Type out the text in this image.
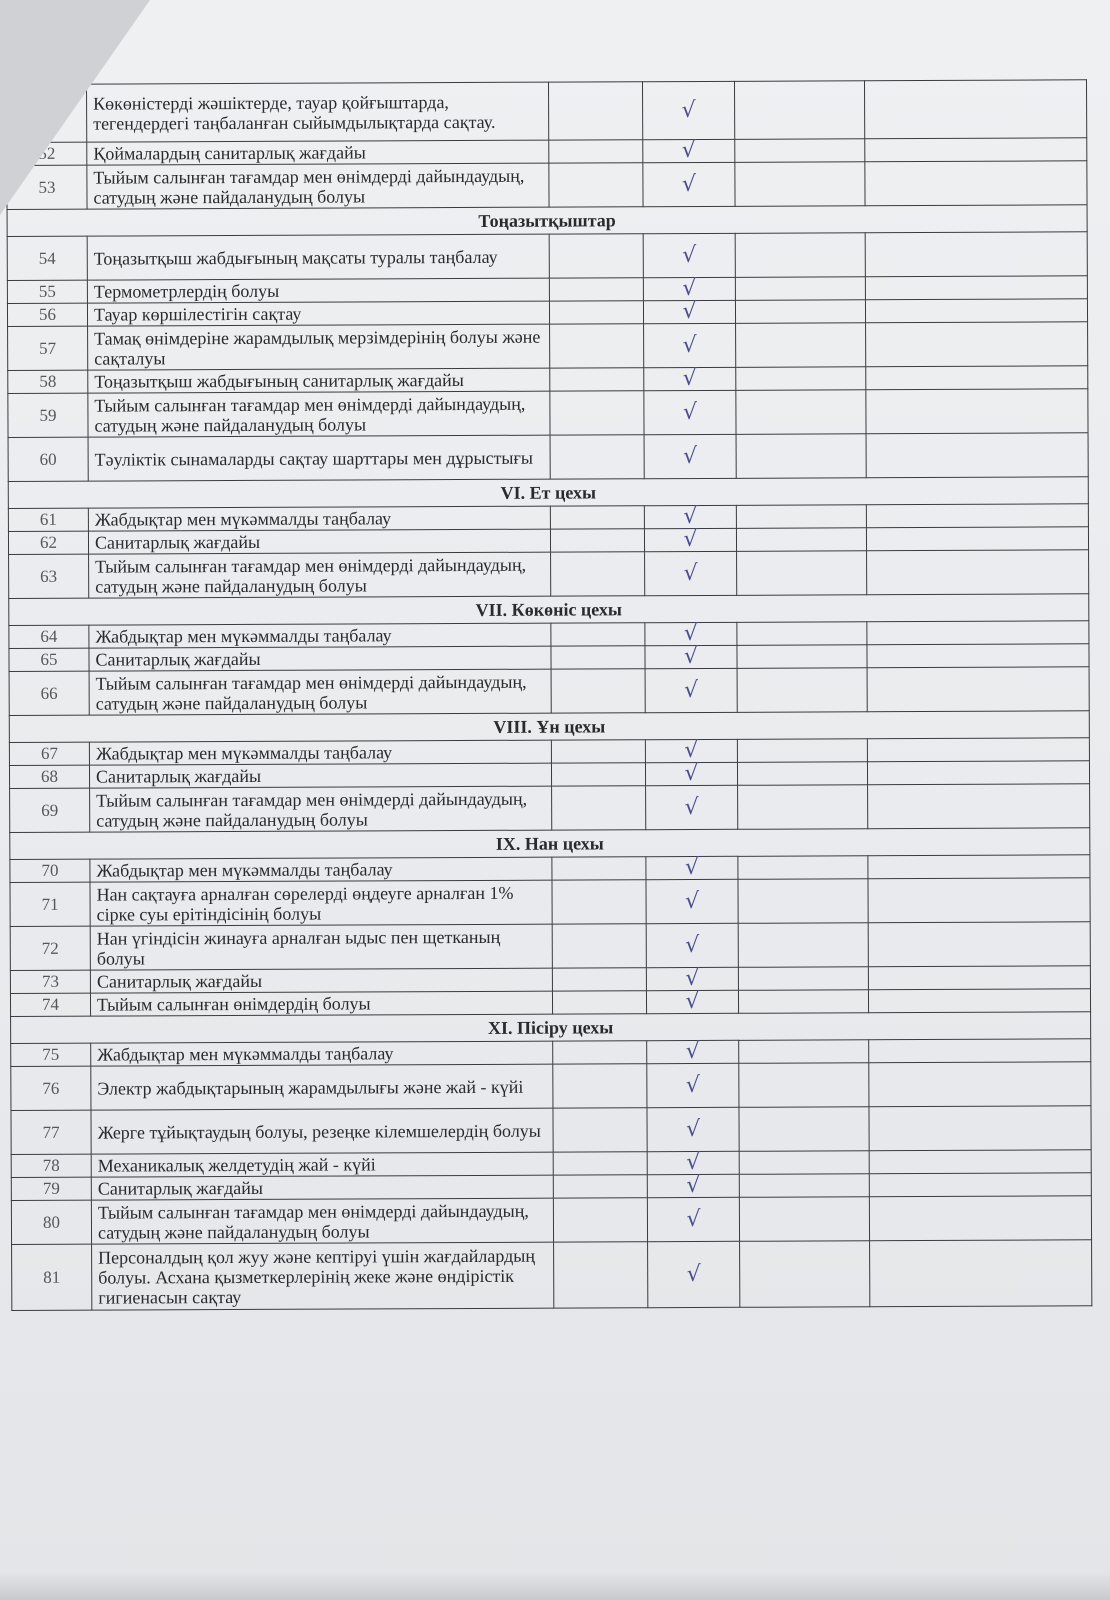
51	Көкөністерді жәшіктерде, тауар қойғыштарда, тегендердегі таңбаланған сыйымдылықтарда сақтау.		√		
52	Қоймалардың санитарлық жағдайы		√		
53	Тыйым салынған тағамдар мен өнімдерді дайындаудың, сатудың және пайдаланудың болуы		√		
Тоңазытқыштар					
54	Тоңазытқыш жабдығының мақсаты туралы таңбалау		√		
55	Термометрлердің болуы		√		
56	Тауар көршілестігін сақтау		√		
57	Тамақ өнімдеріне жарамдылық мерзімдерінің болуы және сақталуы		√		
58	Тоңазытқыш жабдығының санитарлық жағдайы		√		
59	Тыйым салынған тағамдар мен өнімдерді дайындаудың, сатудың және пайдаланудың болуы		√		
60	Тәуліктік сынамаларды сақтау шарттары мен дұрыстығы		√		
VI. Ет цехы					
61	Жабдықтар мен мүкәммалды таңбалау		√		
62	Санитарлық жағдайы		√		
63	Тыйым салынған тағамдар мен өнімдерді дайындаудың, сатудың және пайдаланудың болуы		√		
VII. Көкөніс цехы					
64	Жабдықтар мен мүкәммалды таңбалау		√		
65	Санитарлық жағдайы		√		
66	Тыйым салынған тағамдар мен өнімдерді дайындаудың, сатудың және пайдаланудың болуы		√		
VIII. Ұн цехы					
67	Жабдықтар мен мүкәммалды таңбалау		√		
68	Санитарлық жағдайы		√		
69	Тыйым салынған тағамдар мен өнімдерді дайындаудың, сатудың және пайдаланудың болуы		√		
IX. Нан цехы					
70	Жабдықтар мен мүкәммалды таңбалау		√		
71	Нан сақтауға арналған сөрелерді өңдеуге арналған 1% сірке суы ерітіндісінің болуы		√		
72	Нан үгіндісін жинауға арналған ыдыс пен щетканың болуы		√		
73	Санитарлық жағдайы		√		
74	Тыйым салынған өнімдердің болуы		√		
XI. Пісіру цехы					
75	Жабдықтар мен мүкәммалды таңбалау		√		
76	Электр жабдықтарының жарамдылығы және жай - күйі		√		
77	Жерге тұйықтаудың болуы, резеңке кілемшелердің болуы		√		
78	Механикалық желдетудің жай - күйі		√		
79	Санитарлық жағдайы		√		
80	Тыйым салынған тағамдар мен өнімдерді дайындаудың, сатудың және пайдаланудың болуы		√		
81	Персоналдың қол жуу және кептіруі үшін жағдайлардың болуы. Асхана қызметкерлерінің жеке және өндірістік гигиенасын сақтау		√		
